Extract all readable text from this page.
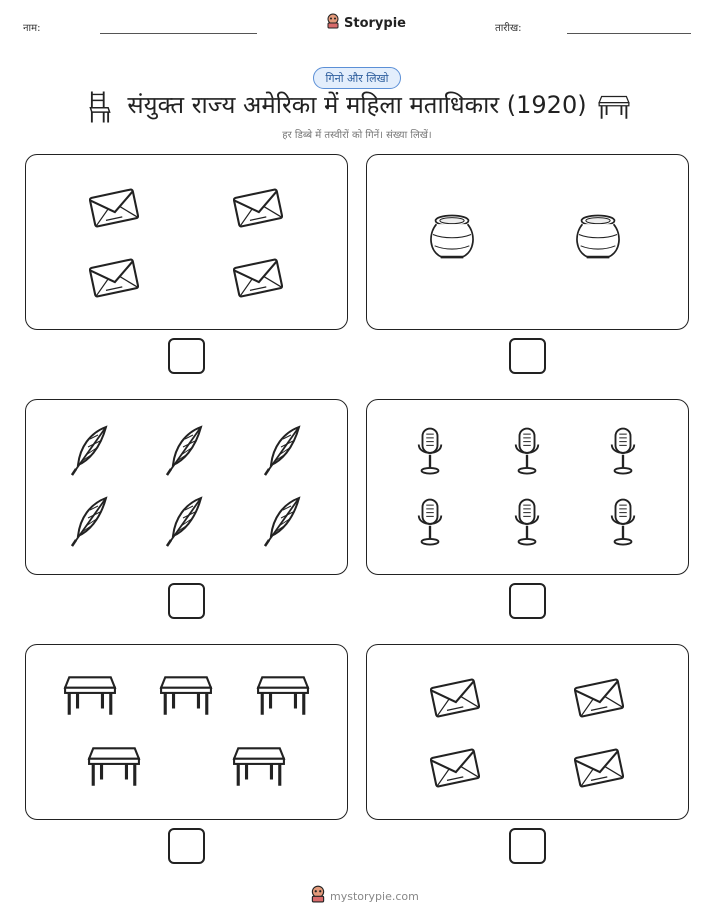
नाम:	Storypie	तारीख:
गिनो और लिखो
संयुक्त राज्य अमेरिका में महिला मताधिकार (1920)
हर डिब्बे में तस्वीरों को गिनें। संख्या लिखें।
mystorypie.com
